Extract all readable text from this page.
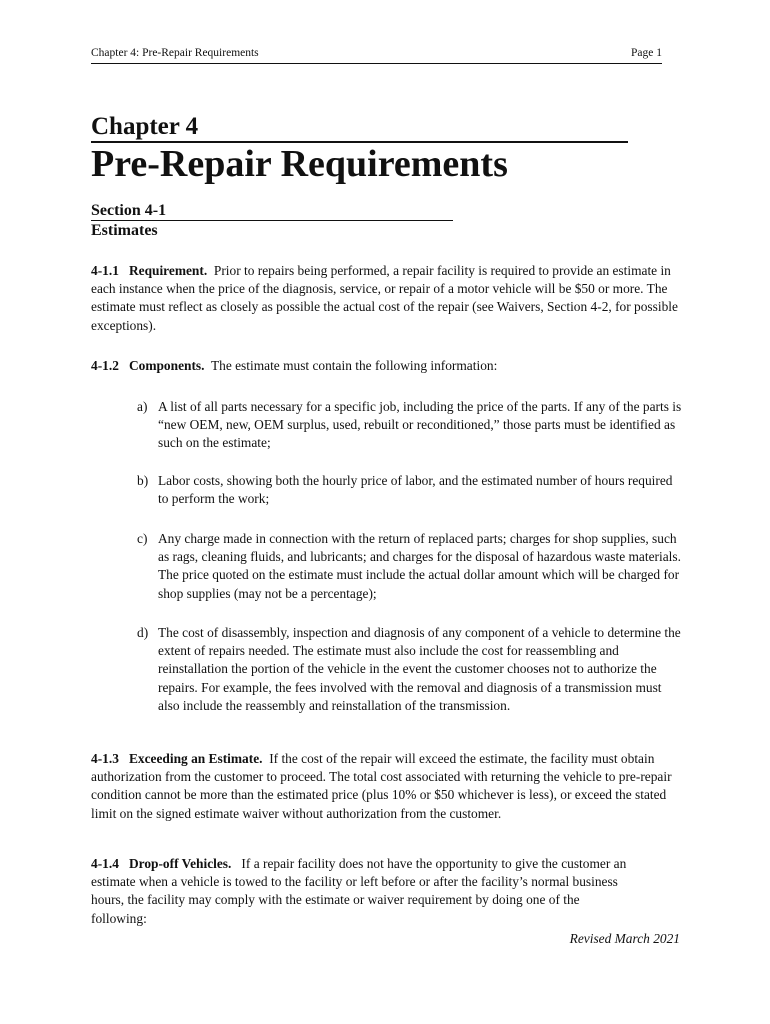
Chapter 4: Pre-Repair Requirements	Page 1
Chapter 4
Pre-Repair Requirements
Section 4-1
Estimates

4-1.1 Requirement. Prior to repairs being performed, a repair facility is required to provide an estimate in each instance when the price of the diagnosis, service, or repair of a motor vehicle will be $50 or more. The estimate must reflect as closely as possible the actual cost of the repair (see Waivers, Section 4-2, for possible exceptions).

4-1.2 Components. The estimate must contain the following information:

a) A list of all parts necessary for a specific job, including the price of the parts. If any of the parts is “new OEM, new, OEM surplus, used, rebuilt or reconditioned,” those parts must be identified as such on the estimate;
b) Labor costs, showing both the hourly price of labor, and the estimated number of hours required to perform the work;
c) Any charge made in connection with the return of replaced parts; charges for shop supplies, such as rags, cleaning fluids, and lubricants; and charges for the disposal of hazardous waste materials. The price quoted on the estimate must include the actual dollar amount which will be charged for shop supplies (may not be a percentage);
d) The cost of disassembly, inspection and diagnosis of any component of a vehicle to determine the extent of repairs needed. The estimate must also include the cost for reassembling and reinstallation the portion of the vehicle in the event the customer chooses not to authorize the repairs. For example, the fees involved with the removal and diagnosis of a transmission must also include the reassembly and reinstallation of the transmission.

4-1.3 Exceeding an Estimate. If the cost of the repair will exceed the estimate, the facility must obtain authorization from the customer to proceed. The total cost associated with returning the vehicle to pre-repair condition cannot be more than the estimated price (plus 10% or $50 whichever is less), or exceed the stated limit on the signed estimate waiver without authorization from the customer.

4-1.4 Drop-off Vehicles. If a repair facility does not have the opportunity to give the customer an estimate when a vehicle is towed to the facility or left before or after the facility’s normal business hours, the facility may comply with the estimate or waiver requirement by doing one of the following:

Revised March 2021
